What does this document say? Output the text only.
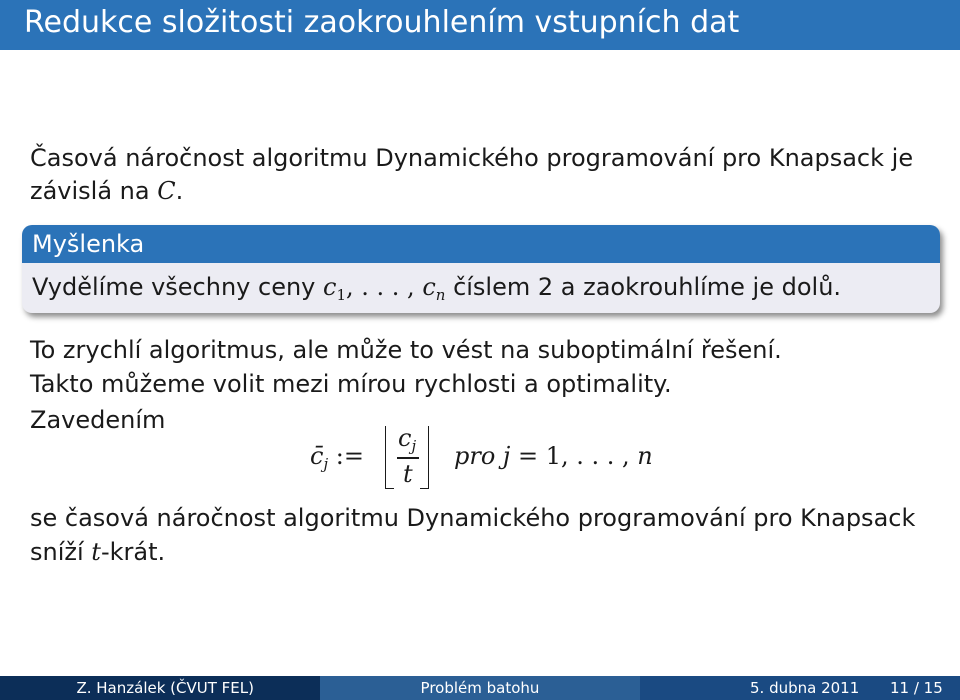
Redukce složitosti zaokrouhlením vstupních dat
Časová náročnost algoritmu Dynamického programování pro Knapsack je
závislá na C.
Myšlenka
Vydělíme všechny ceny $c_1$, . . . , $c_n$ číslem 2 a zaokrouhlíme je dolů.
To zrychlí algoritmus, ale může to vést na suboptimální řešení.
Takto můžeme volit mezi mírou rychlosti a optimality.
Zavedením
$c̄_j$ :=
$c_j$
t
pro j = 1, . . . , n
se časová náročnost algoritmu Dynamického programování pro Knapsack
sníží t-krát.
Z. Hanzálek (ČVUT FEL)	Problém batohu	5. dubna 2011 11 / 15
